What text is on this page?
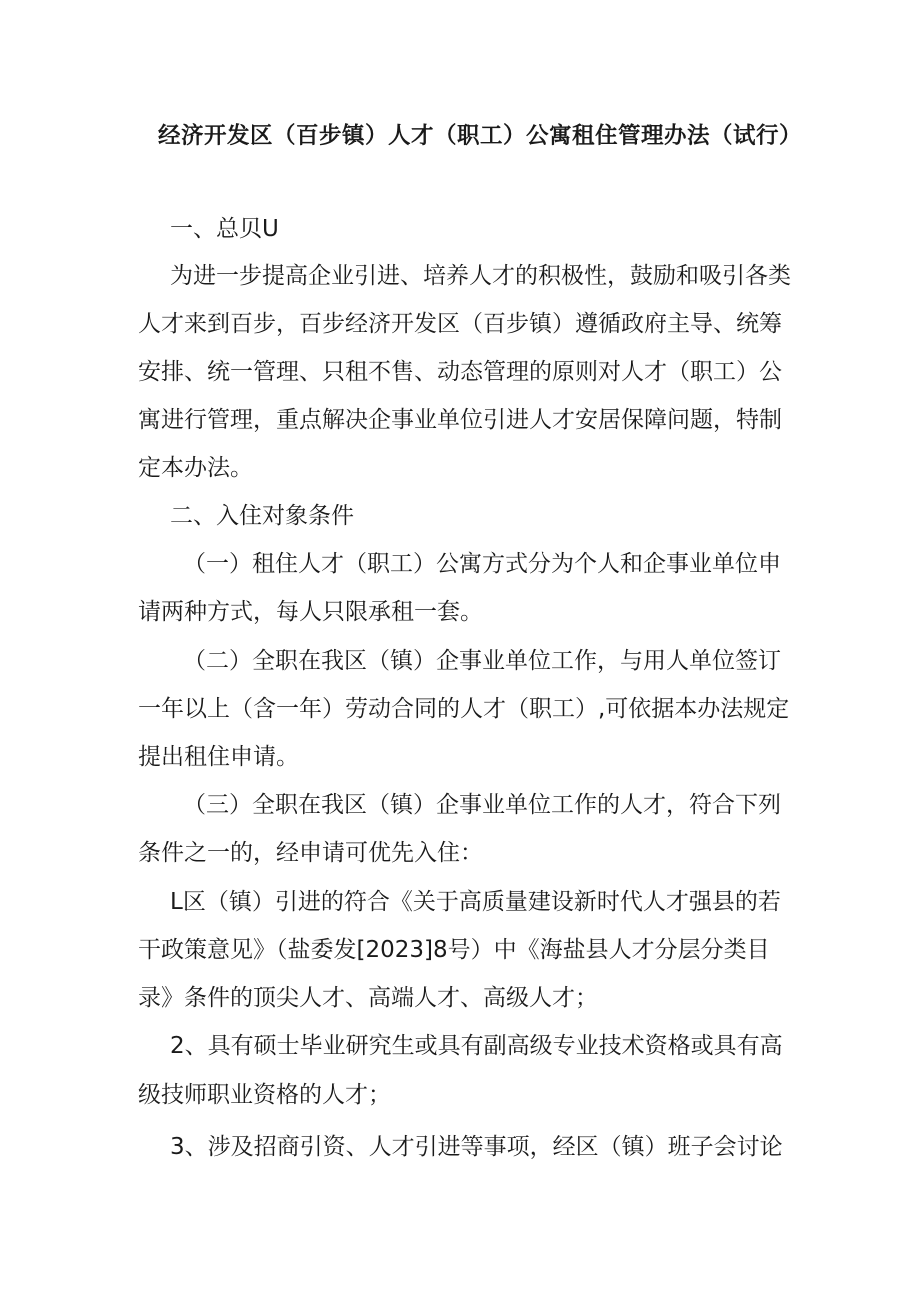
经济开发区（百步镇）人才（职工）公寓租住管理办法（试行）
一、总贝U
为进一步提高企业引进、培养人才的积极性，鼓励和吸引各类
人才来到百步，百步经济开发区（百步镇）遵循政府主导、统筹
安排、统一管理、只租不售、动态管理的原则对人才（职工）公
寓进行管理，重点解决企事业单位引进人才安居保障问题，特制
定本办法。
二、入住对象条件
（一）租住人才（职工）公寓方式分为个人和企事业单位申
请两种方式，每人只限承租一套。
（二）全职在我区（镇）企事业单位工作，与用人单位签订
一年以上（含一年）劳动合同的人才（职工）,可依据本办法规定
提出租住申请。
（三）全职在我区（镇）企事业单位工作的人才，符合下列
条件之一的，经申请可优先入住：
L区（镇）引进的符合《关于高质量建设新时代人才强县的若
干政策意见》（盐委发[2023]8号）中《海盐县人才分层分类目
录》条件的顶尖人才、高端人才、高级人才；
2、具有硕士毕业研究生或具有副高级专业技术资格或具有高
级技师职业资格的人才；
3、涉及招商引资、人才引进等事项，经区（镇）班子会讨论
